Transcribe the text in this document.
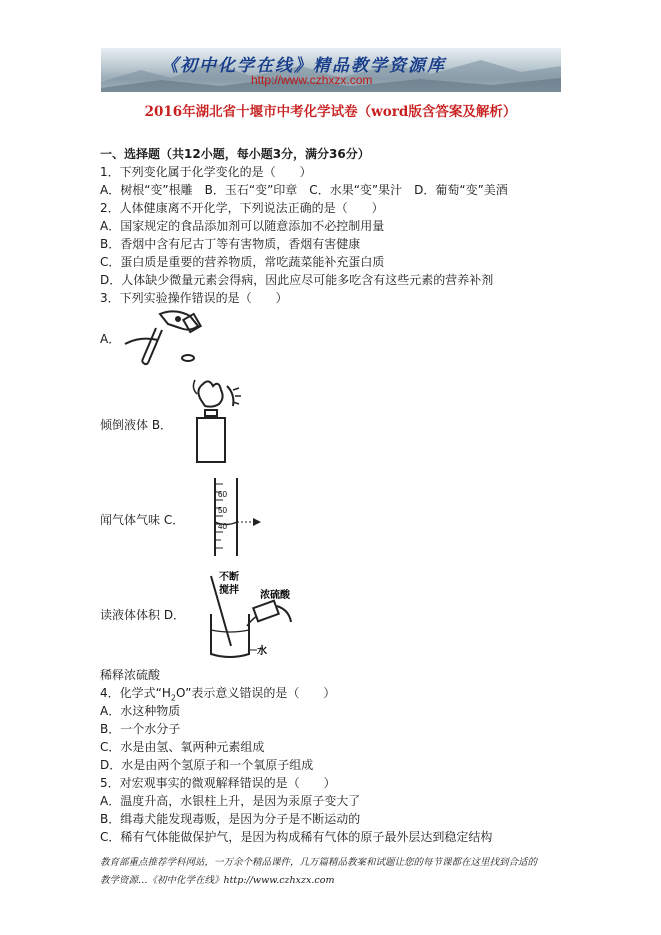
《初中化学在线》精品教学资源库
http://www.czhxzx.com
2016年湖北省十堰市中考化学试卷（word版含答案及解析）
一、选择题（共12小题，每小题3分，满分36分）
1．下列变化属于化学变化的是（　　）
A．树根“变”根雕　B．玉石“变”印章　C．水果“变”果汁　D．葡萄“变”美酒
2．人体健康离不开化学，下列说法正确的是（　　）
A．国家规定的食品添加剂可以随意添加不必控制用量
B．香烟中含有尼古丁等有害物质，香烟有害健康
C．蛋白质是重要的营养物质，常吃蔬菜能补充蛋白质
D．人体缺少微量元素会得病，因此应尽可能多吃含有这些元素的营养补剂
3．下列实验操作错误的是（　　）
A．
倾倒液体 B．
闻气体气味 C．
60
50
40
读液体体积 D．
不断
搅拌 浓硫酸
水
稀释浓硫酸
4．化学式“$H_2O$”表示意义错误的是（　　）
A．水这种物质
B．一个水分子
C．水是由氢、氧两种元素组成
D．水是由两个氢原子和一个氧原子组成
5．对宏观事实的微观解释错误的是（　　）
A．温度升高，水银柱上升，是因为汞原子变大了
B．缉毒犬能发现毒贩，是因为分子是不断运动的
C．稀有气体能做保护气，是因为构成稀有气体的原子最外层达到稳定结构
教育部重点推荐学科网站，一万余个精品课件，几万篇精品教案和试题让您的每节课都在这里找到合适的
教学资源…《初中化学在线》http://www.czhxzx.com
